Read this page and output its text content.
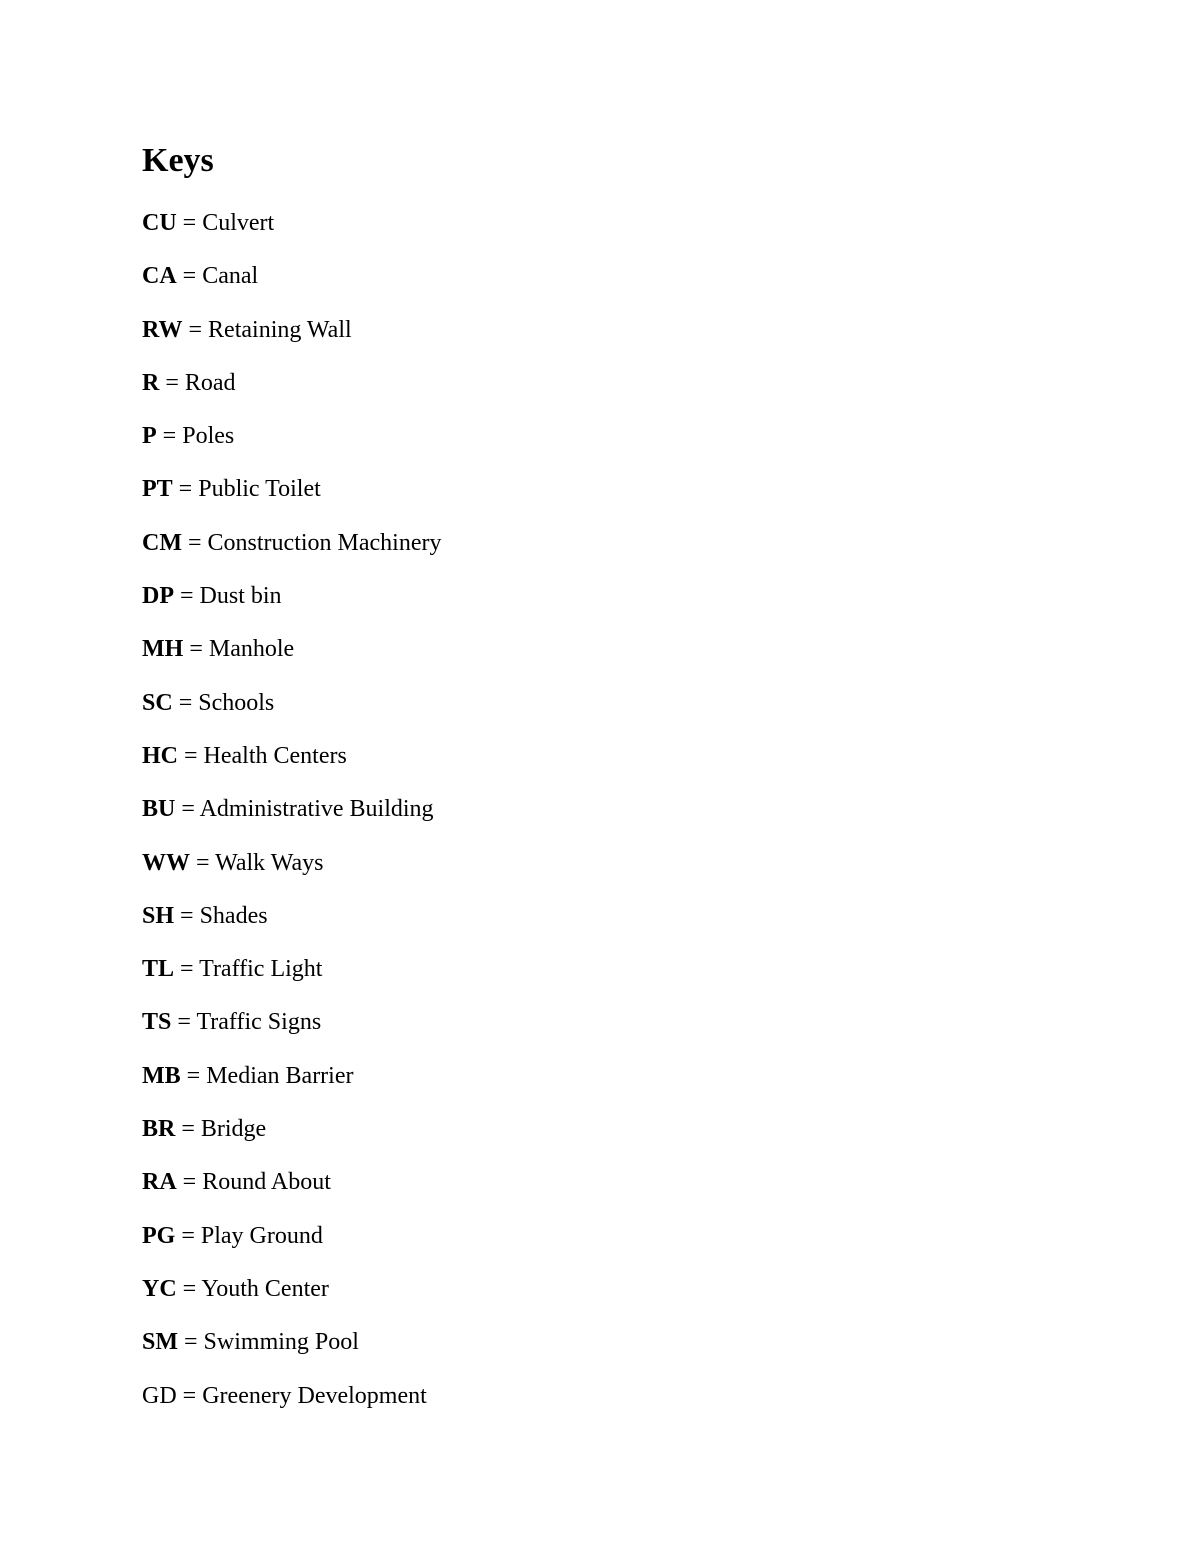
Keys
CU = Culvert
CA = Canal
RW = Retaining Wall
R = Road
P = Poles
PT = Public Toilet
CM = Construction Machinery
DP = Dust bin
MH = Manhole
SC = Schools
HC = Health Centers
BU = Administrative Building
WW = Walk Ways
SH = Shades
TL = Traffic Light
TS = Traffic Signs
MB = Median Barrier
BR = Bridge
RA = Round About
PG = Play Ground
YC = Youth Center
SM = Swimming Pool
GD = Greenery Development
